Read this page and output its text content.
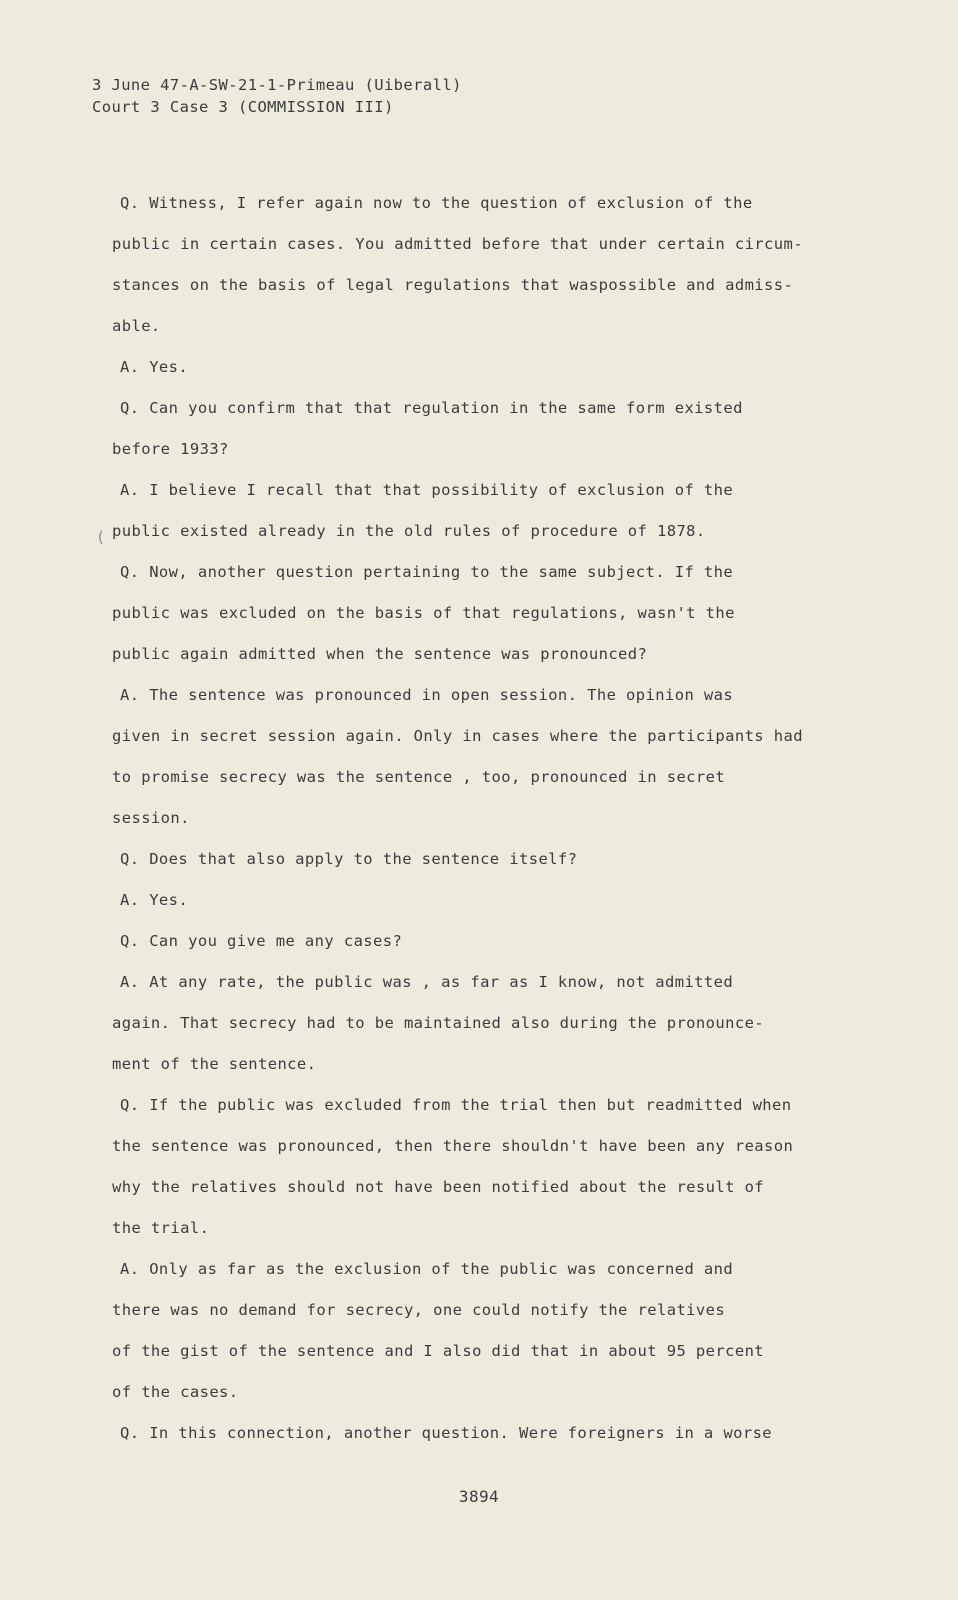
3 June 47-A-SW-21-1-Primeau (Uiberall)
Court 3 Case 3 (COMMISSION III)
(
Q. Witness, I refer again now to the question of exclusion of the
public in certain cases. You admitted before that under certain circum-
stances on the basis of legal regulations that waspossible and admiss-
able.
A. Yes.
Q. Can you confirm that that regulation in the same form existed
before 1933?
A. I believe I recall that that possibility of exclusion of the
public existed already in the old rules of procedure of 1878.
Q. Now, another question pertaining to the same subject. If the
public was excluded on the basis of that regulations, wasn't the
public again admitted when the sentence was pronounced?
A. The sentence was pronounced in open session. The opinion was
given in secret session again. Only in cases where the participants had
to promise secrecy was the sentence , too, pronounced in secret
session.
Q. Does that also apply to the sentence itself?
A. Yes.
Q. Can you give me any cases?
A. At any rate, the public was , as far as I know, not admitted
again. That secrecy had to be maintained also during the pronounce-
ment of the sentence.
Q. If the public was excluded from the trial then but readmitted when
the sentence was pronounced, then there shouldn't have been any reason
why the relatives should not have been notified about the result of
the trial.
A. Only as far as the exclusion of the public was concerned and
there was no demand for secrecy, one could notify the relatives
of the gist of the sentence and I also did that in about 95 percent
of the cases.
Q. In this connection, another question. Were foreigners in a worse
3894
